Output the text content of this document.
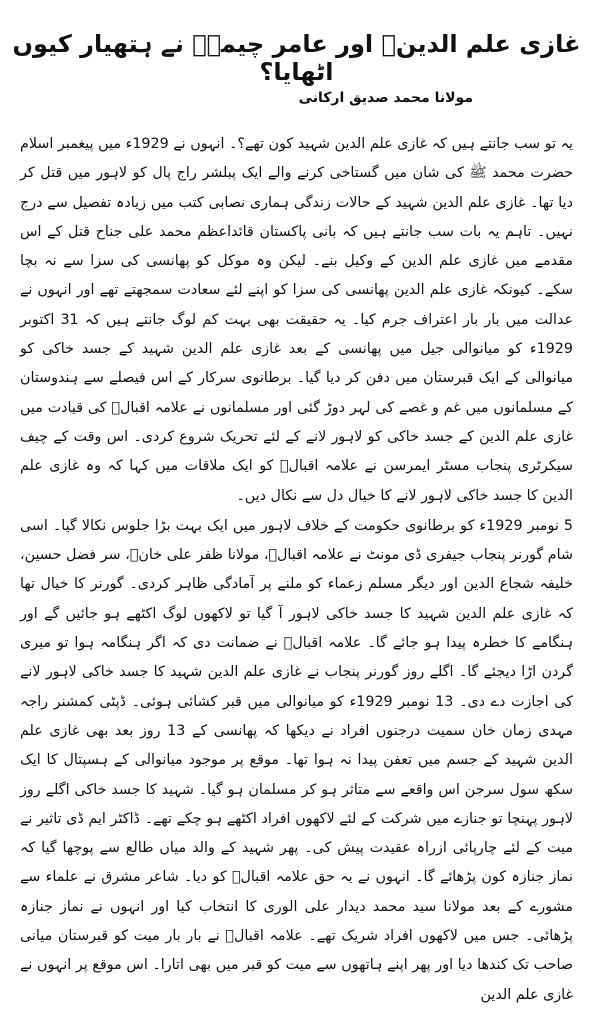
غازی علم الدینؒ اور عامر چیمہؒ نے ہتھیار کیوں اٹھایا؟
مولانا محمد صدیق ارکانی

یہ تو سب جانتے ہیں کہ غازی علم الدین شہید کون تھے؟۔ انہوں نے 1929ء میں پیغمبر اسلام حضرت محمد ﷺ کی شان میں گستاخی کرنے والے ایک پبلشر راج پال کو لاہور میں قتل کر دیا تھا۔ غازی علم الدین شہید کے حالات زندگی ہماری نصابی کتب میں زیادہ تفصیل سے درج نہیں۔ تاہم یہ بات سب جانتے ہیں کہ بانی پاکستان قائداعظم محمد علی جناح قتل کے اس مقدمے میں غازی علم الدین کے وکیل بنے۔ لیکن وہ موکل کو پھانسی کی سزا سے نہ بچا سکے۔ کیونکہ غازی علم الدین پھانسی کی سزا کو اپنے لئے سعادت سمجھتے تھے اور انہوں نے عدالت میں بار بار اعتراف جرم کیا۔ یہ حقیقت بھی بہت کم لوگ جانتے ہیں کہ 31 اکتوبر 1929ء کو میانوالی جیل میں پھانسی کے بعد غازی علم الدین شہید کے جسد خاکی کو میانوالی کے ایک قبرستان میں دفن کر دیا گیا۔ برطانوی سرکار کے اس فیصلے سے ہندوستان کے مسلمانوں میں غم و غصے کی لہر دوڑ گئی اور مسلمانوں نے علامہ اقبالؒ کی قیادت میں غازی علم الدین کے جسد خاکی کو لاہور لانے کے لئے تحریک شروع کردی۔ اس وقت کے چیف سیکرٹری پنجاب مسٹر ایمرسن نے علامہ اقبالؒ کو ایک ملاقات میں کہا کہ وہ غازی علم الدین کا جسد خاکی لاہور لانے کا خیال دل سے نکال دیں۔

5 نومبر 1929ء کو برطانوی حکومت کے خلاف لاہور میں ایک بہت بڑا جلوس نکالا گیا۔ اسی شام گورنر پنجاب جیفری ڈی مونٹ نے علامہ اقبالؒ، مولانا ظفر علی خانؒ، سر فضل حسین، خلیفہ شجاع الدین اور دیگر مسلم زعماء کو ملنے پر آمادگی ظاہر کردی۔ گورنر کا خیال تھا کہ غازی علم الدین شہید کا جسد خاکی لاہور آ گیا تو لاکھوں لوگ اکٹھے ہو جائیں گے اور ہنگامے کا خطرہ پیدا ہو جائے گا۔ علامہ اقبالؒ نے ضمانت دی کہ اگر ہنگامہ ہوا تو میری گردن اڑا دیجئے گا۔ اگلے روز گورنر پنجاب نے غازی علم الدین شہید کا جسد خاکی لاہور لانے کی اجازت دے دی۔ 13 نومبر 1929ء کو میانوالی میں قبر کشائی ہوئی۔ ڈپٹی کمشنر راجہ مہدی زمان خان سمیت درجنوں افراد نے دیکھا کہ پھانسی کے 13 روز بعد بھی غازی علم الدین شہید کے جسم میں تعفن پیدا نہ ہوا تھا۔ موقع پر موجود میانوالی کے ہسپتال کا ایک سکھ سول سرجن اس واقعے سے متاثر ہو کر مسلمان ہو گیا۔ شہید کا جسد خاکی اگلے روز لاہور پہنچا تو جنازے میں شرکت کے لئے لاکھوں افراد اکٹھے ہو چکے تھے۔ ڈاکٹر ایم ڈی تاثیر نے میت کے لئے چارپائی ازراہ عقیدت پیش کی۔ پھر شہید کے والد میاں طالع سے پوچھا گیا کہ نماز جنازہ کون پڑھائے گا۔ انہوں نے یہ حق علامہ اقبالؒ کو دیا۔ شاعر مشرق نے علماء سے مشورے کے بعد مولانا سید محمد دیدار علی الوری کا انتخاب کیا اور انہوں نے نماز جنازہ پڑھائی۔ جس میں لاکھوں افراد شریک تھے۔ علامہ اقبالؒ نے بار بار میت کو قبرستان میانی صاحب تک کندھا دیا اور پھر اپنے ہاتھوں سے میت کو قبر میں بھی اتارا۔ اس موقع پر انہوں نے غازی علم الدین
